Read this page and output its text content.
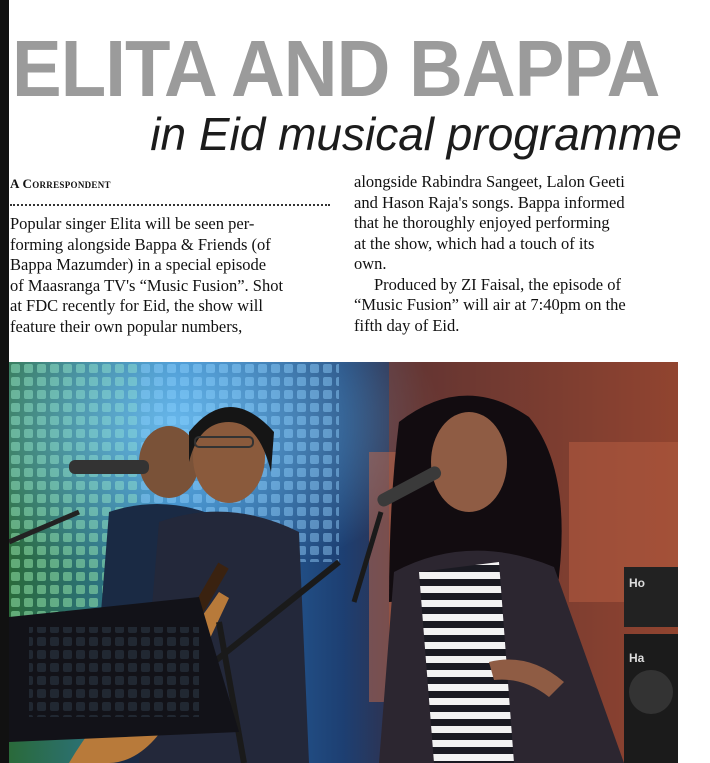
ELITA AND BAPPA
in Eid musical programme
A Correspondent

Popular singer Elita will be seen per-
forming alongside Bappa & Friends (of
Bappa Mazumder) in a special episode
of Maasranga TV's “Music Fusion”. Shot
at FDC recently for Eid, the show will
feature their own popular numbers,

alongside Rabindra Sangeet, Lalon Geeti
and Hason Raja's songs. Bappa informed
that he thoroughly enjoyed performing
at the show, which had a touch of its
own.

Produced by ZI Faisal, the episode of
“Music Fusion” will air at 7:40pm on the
fifth day of Eid.

Ho
Ha
